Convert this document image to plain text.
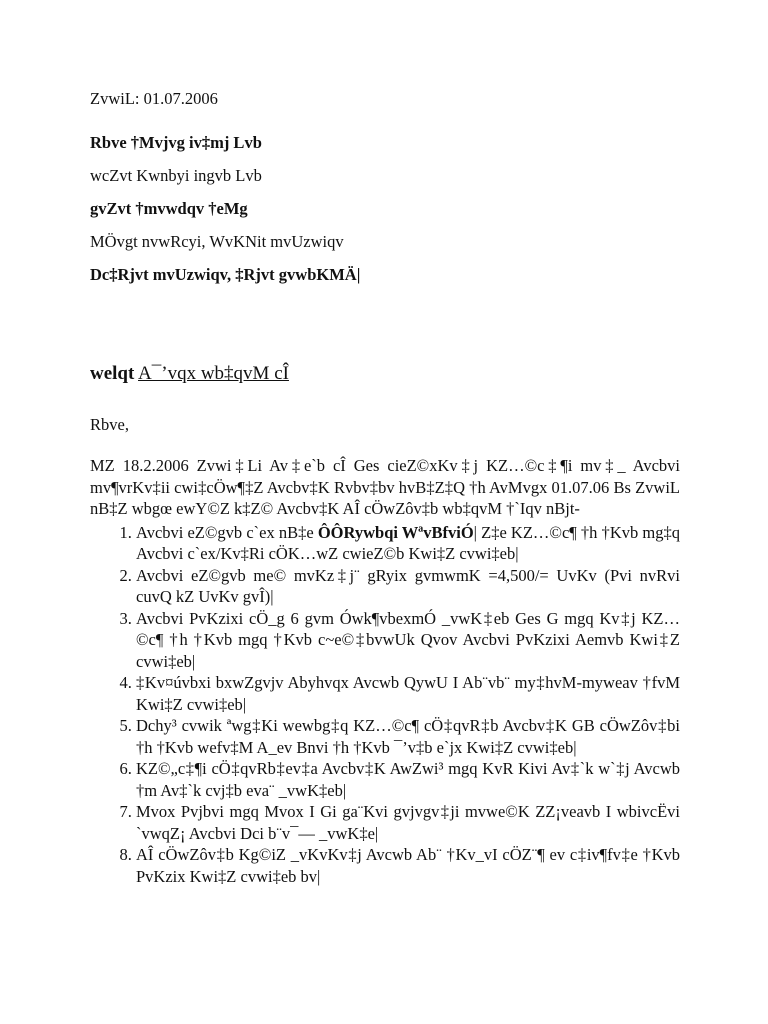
ZvwiL: 01.07.2006
Rbve †Mvjvg iv‡mj Lvb
wcZvt Kwnbyi ingvb Lvb
gvZvt †mvwdqv †eMg
MÖvgt nvwRcyi, WvKNit mvUzwiqv
Dc‡Rjvt mvUzwiqv, ‡Rjvt gvwbKMÄ|
welqt A¯’vqx wb‡qvM cÎ
Rbve,
MZ 18.2.2006 Zvwi‡Li Av‡e`b cÎ Ges cieZ©xKv‡j KZ…©c‡¶i mv‡_ Avcbvi mv¶vrKv‡ii cwi‡cÖw¶‡Z Avcbv‡K Rvbv‡bv hvB‡Z‡Q †h AvMvgx 01.07.06 Bs ZvwiL nB‡Z wbgœ ewY©Z k‡Z© Avcbv‡K AÎ cÖwZôv‡b wb‡qvM †`Iqv nBjt-
1. Avcbvi eZ©gvb c`ex nB‡e ÔÔRywbqi WªvBfviÓ| Z‡e KZ…©c¶ †h †Kvb mg‡q Avcbvi c`ex/Kv‡Ri cÖK…wZ cwieZ©b Kwi‡Z cvwi‡eb|
2. Avcbvi eZ©gvb me© mvKz‡j¨ gRyix gvmwmK =4,500/= UvKv (Pvi nvRvi cuvQ kZ UvKv gvÎ)|
3. Avcbvi PvKzixi cÖ_g 6 gvm Ówk¶vbexmÓ _vwK‡eb Ges G mgq Kv‡j KZ…©c¶ †h †Kvb mgq †Kvb c~e©‡bvwUk Qvov Avcbvi PvKzixi Aemvb Kwi‡Z cvwi‡eb|
4. ‡Kv¤úvbxi bxwZgvjv Abyhvqx Avcwb QywU I Ab¨vb¨ my‡hvM-myweav †fvM Kwi‡Z cvwi‡eb|
5. Dchy³ cvwik ªwg‡Ki wewbg‡q KZ…©c¶ cÖ‡qvR‡b Avcbv‡K GB cÖwZôv‡bi †h †Kvb wefv‡M A_ev Bnvi †h †Kvb ¯’v‡b e`jx Kwi‡Z cvwi‡eb|
6. KZ©„c‡¶i cÖ‡qvRb‡ev‡a Avcbv‡K AwZwi³ mgq KvR Kivi Av‡`k w`‡j Avcwb †m Av‡`k cvj‡b eva¨ _vwK‡eb|
7. Mvox Pvjbvi mgq Mvox I Gi ga¨Kvi gvjvgv‡ji mvwe©K ZZ¡veavb I wbivcËvi `vwqZ¡ Avcbvi Dci b¨v¯— _vwK‡e|
8. AÎ cÖwZôv‡b Kg©iZ _vKvKv‡j Avcwb Ab¨ †Kv_vI cÖZ¨¶ ev c‡iv¶fv‡e †Kvb PvKzix Kwi‡Z cvwi‡eb bv|
